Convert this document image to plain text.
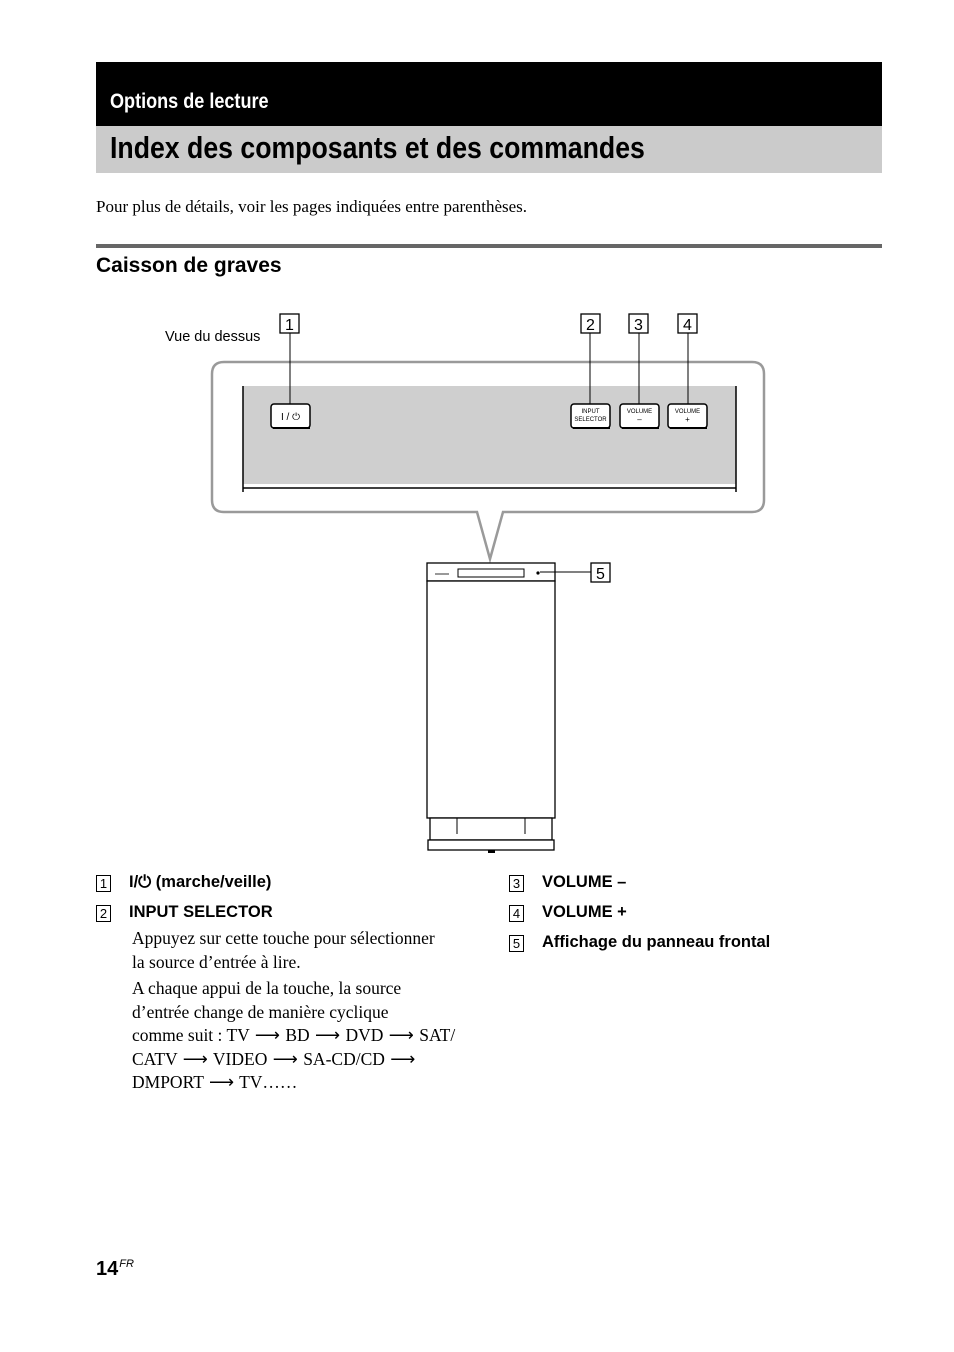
Options de lecture
Index des composants et des commandes
Pour plus de détails, voir les pages indiquées entre parenthèses.
Caisson de graves
Vue du dessus
1	2 3	4
I / ⏻	INPUT
SELECTOR
VOLUME
–
VOLUME
+
5
1 I/⏻ (marche/veille)
2 INPUT SELECTOR
Appuyez sur cette touche pour sélectionner
la source d’entrée à lire.
A chaque appui de la touche, la source
d’entrée change de manière cyclique
comme suit : TV ⟶ BD ⟶ DVD ⟶ SAT/
CATV ⟶ VIDEO ⟶ SA-CD/CD ⟶
DMPORT ⟶ TV……
3 VOLUME –
4 VOLUME +
5 Affichage du panneau frontal
$14^{FR}$
